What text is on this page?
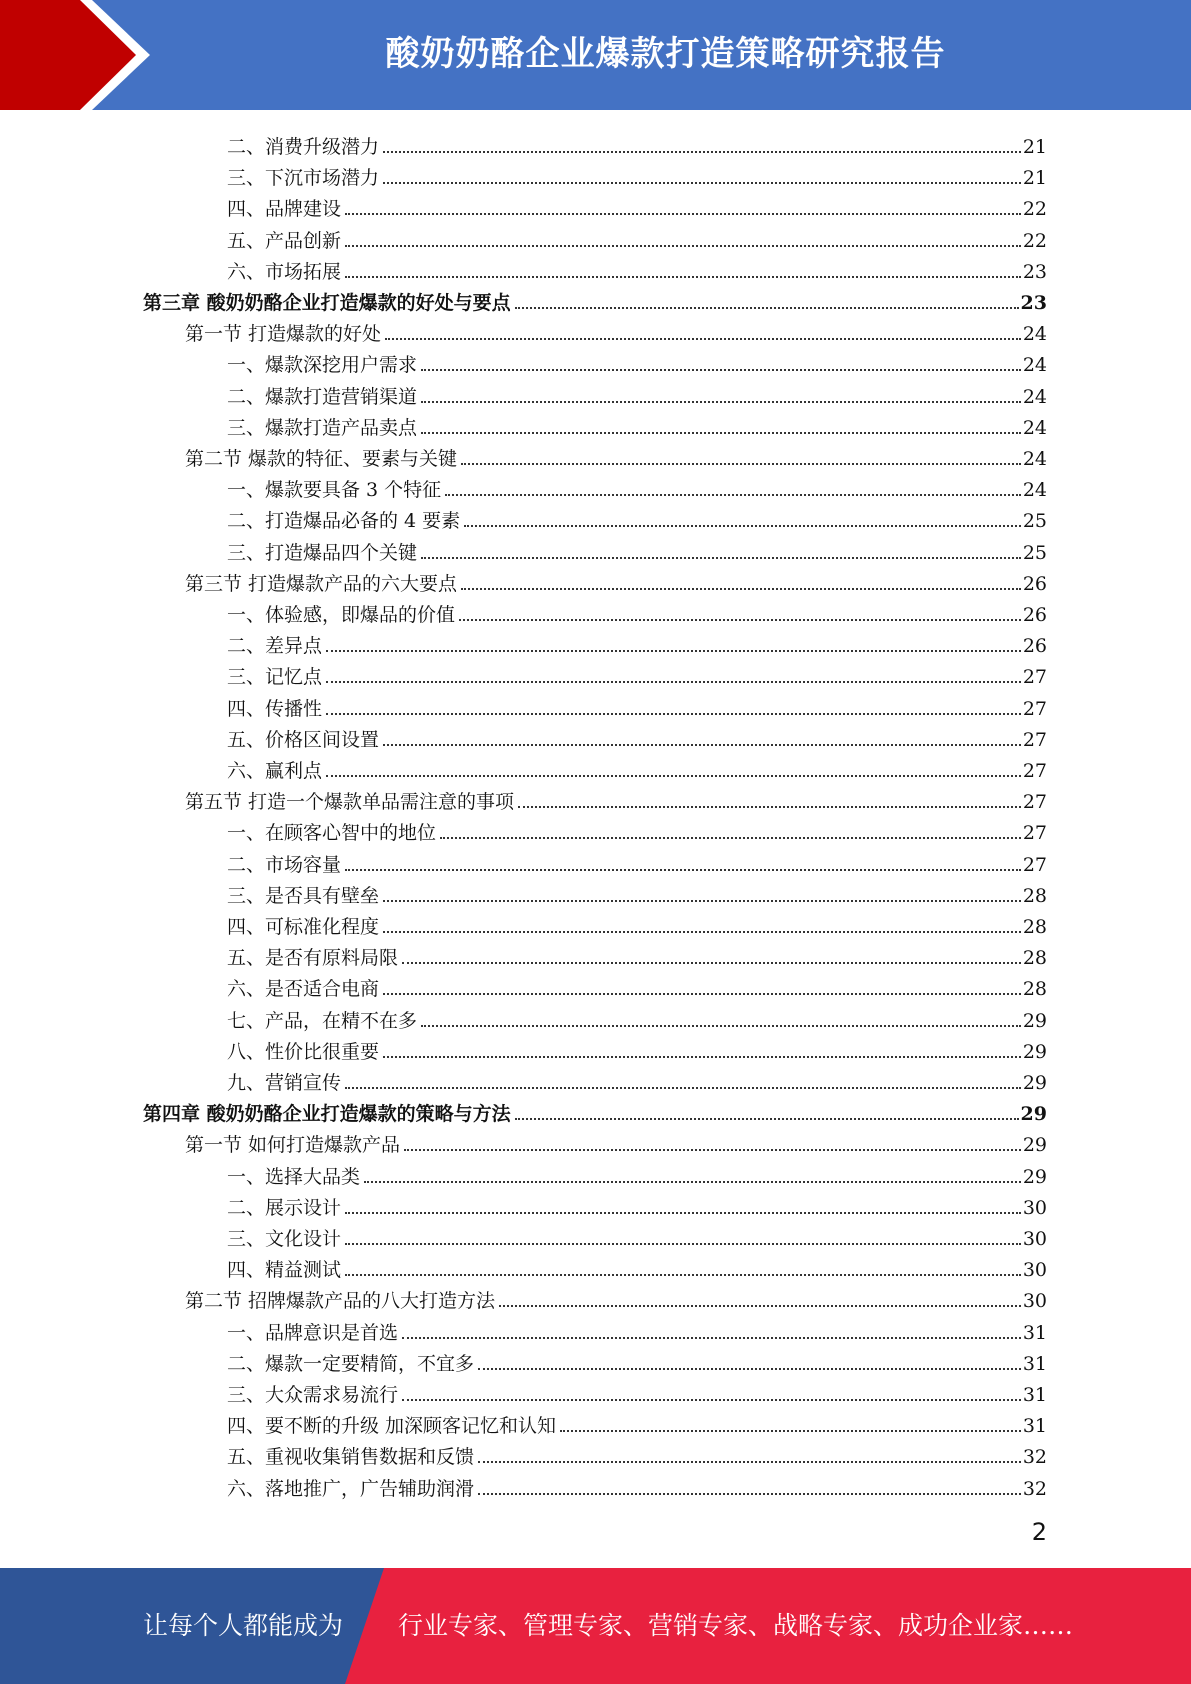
酸奶奶酪企业爆款打造策略研究报告
二、消费升级潜力	21
三、下沉市场潜力	21
四、品牌建设	22
五、产品创新	22
六、市场拓展	23
第三章 酸奶奶酪企业打造爆款的好处与要点	23
第一节 打造爆款的好处	24
一、爆款深挖用户需求	24
二、爆款打造营销渠道	24
三、爆款打造产品卖点	24
第二节 爆款的特征、要素与关键	24
一、爆款要具备 3 个特征	24
二、打造爆品必备的 4 要素	25
三、打造爆品四个关键	25
第三节 打造爆款产品的六大要点	26
一、体验感，即爆品的价值	26
二、差异点	26
三、记忆点	27
四、传播性	27
五、价格区间设置	27
六、赢利点	27
第五节 打造一个爆款单品需注意的事项	27
一、在顾客心智中的地位	27
二、市场容量	27
三、是否具有壁垒	28
四、可标准化程度	28
五、是否有原料局限	28
六、是否适合电商	28
七、产品，在精不在多	29
八、性价比很重要	29
九、营销宣传	29
第四章 酸奶奶酪企业打造爆款的策略与方法	29
第一节 如何打造爆款产品	29
一、选择大品类	29
二、展示设计	30
三、文化设计	30
四、精益测试	30
第二节 招牌爆款产品的八大打造方法	30
一、品牌意识是首选	31
二、爆款一定要精简，不宜多	31
三、大众需求易流行	31
四、要不断的升级 加深顾客记忆和认知	31
五、重视收集销售数据和反馈	32
六、落地推广，广告辅助润滑	32
2
让每个人都能成为 行业专家、管理专家、营销专家、战略专家、成功企业家……
